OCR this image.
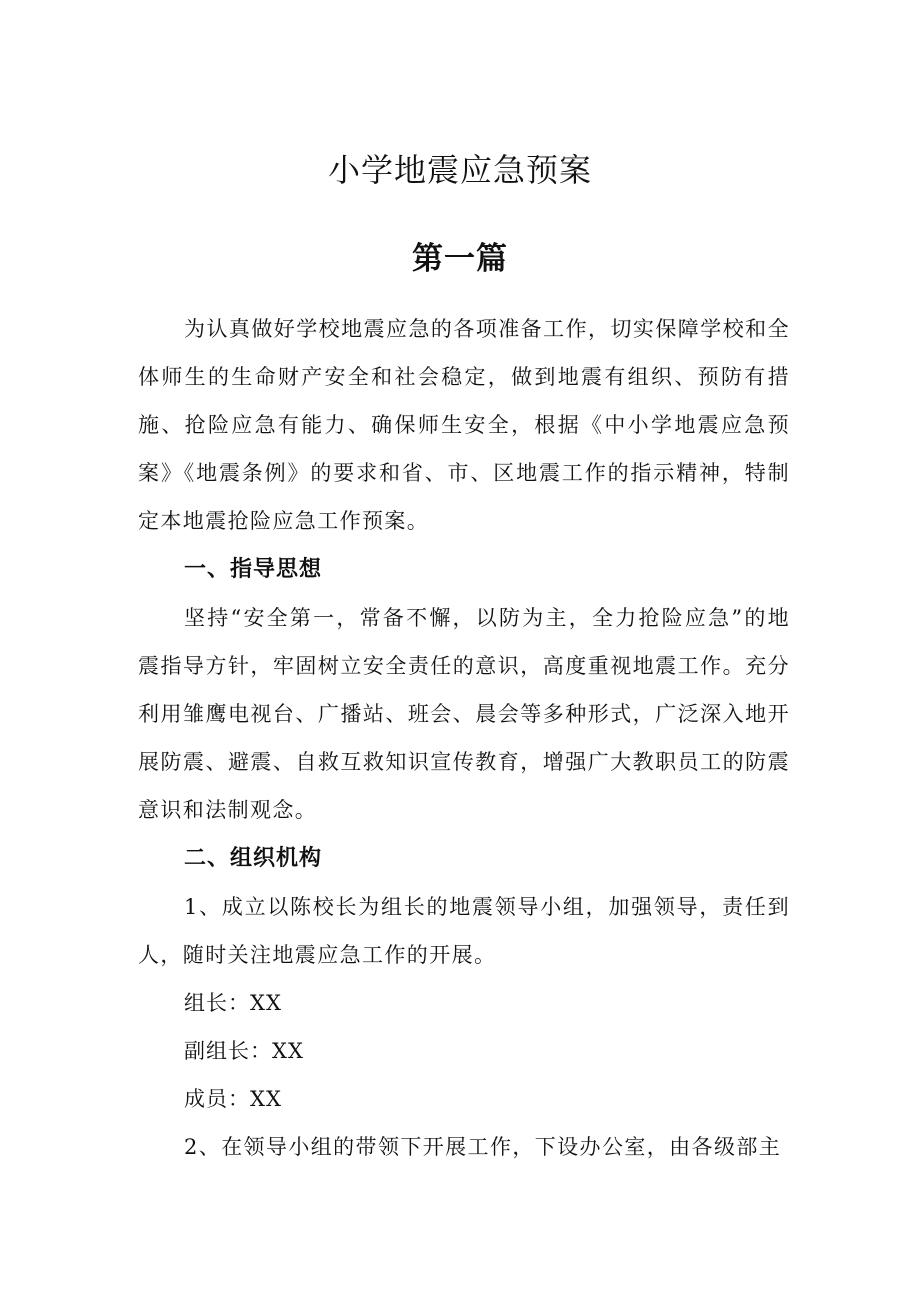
小学地震应急预案
第一篇

为认真做好学校地震应急的各项准备工作，切实保障学校和全体师生的生命财产安全和社会稳定，做到地震有组织、预防有措施、抢险应急有能力、确保师生安全，根据《中小学地震应急预案》《地震条例》的要求和省、市、区地震工作的指示精神，特制定本地震抢险应急工作预案。

一、指导思想

坚持“安全第一，常备不懈，以防为主，全力抢险应急”的地震指导方针，牢固树立安全责任的意识，高度重视地震工作。充分利用雏鹰电视台、广播站、班会、晨会等多种形式，广泛深入地开展防震、避震、自救互救知识宣传教育，增强广大教职员工的防震意识和法制观念。

二、组织机构

1、成立以陈校长为组长的地震领导小组，加强领导，责任到人，随时关注地震应急工作的开展。

组长：XX

副组长：XX

成员：XX

2、在领导小组的带领下开展工作，下设办公室，由各级部主
